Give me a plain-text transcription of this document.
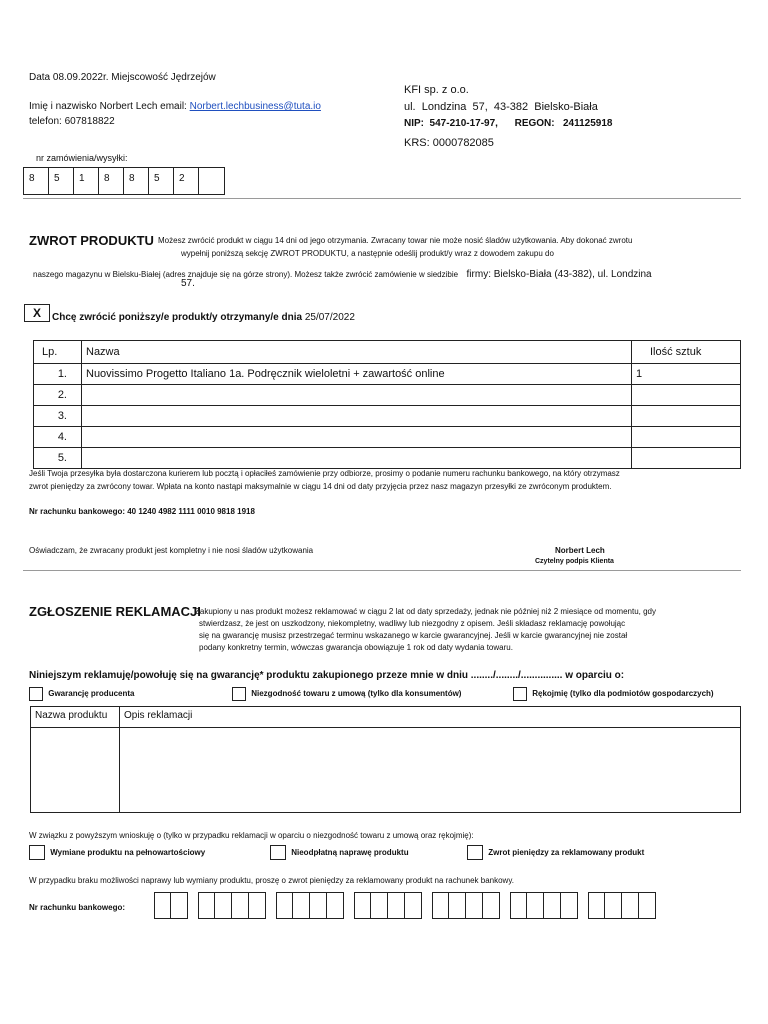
Data 08.09.2022r. Miejscowość Jędrzejów
Imię i nazwisko Norbert Lech email: Norbert.lechbusiness@tuta.io
telefon: 607818822
KFI sp. z o.o.
ul.  Londzina  57,  43-382  Bielsko-Biała
NIP:  547-210-17-97,      REGON:   241125918
KRS: 0000782085
nr zamówienia/wysyłki:
8	5	1	8	8	5	2
ZWROT PRODUKTU Możesz zwrócić produkt w ciągu 14 dni od jego otrzymania. Zwracany towar nie może nosić śladów użytkowania. Aby dokonać zwrotu
wypełnij poniższą sekcję ZWROT PRODUKTU, a następnie odeślij produkt/y wraz z dowodem zakupu do
naszego magazynu w Bielsku-Białej (adres znajduje się na górze strony). Możesz także zwrócić zamówienie w siedzibie firmy: Bielsko-Biała (43-382), ul. Londzina
57.
X	Chcę zwrócić poniższy/e produkt/y otrzymany/e dnia 25/07/2022
Lp.	Nazwa	Ilość sztuk
1.	Nuovissimo Progetto Italiano 1a. Podręcznik wieloletni + zawartość online	1
2.		
3.		
4.		
5.		
Jeśli Twoja przesyłka była dostarczona kurierem lub pocztą i opłaciłeś zamówienie przy odbiorze, prosimy o podanie numeru rachunku bankowego, na który otrzymasz
zwrot pieniędzy za zwrócony towar. Wpłata na konto nastąpi maksymalnie w ciągu 14 dni od daty przyjęcia przez nasz magazyn przesyłki ze zwróconym produktem.
Nr rachunku bankowego: 40 1240 4982 1111 0010 9818 1918
Oświadczam, że zwracany produkt jest kompletny i nie nosi śladów użytkowania	Norbert Lech
Czytelny podpis Klienta
ZGŁOSZENIE REKLAMACJI
Zakupiony u nas produkt możesz reklamować w ciągu 2 lat od daty sprzedaży, jednak nie później niż 2 miesiące od momentu, gdy
stwierdzasz, że jest on uszkodzony, niekompletny, wadliwy lub niezgodny z opisem. Jeśli składasz reklamację powołując
się na gwarancję musisz przestrzegać terminu wskazanego w karcie gwarancyjnej. Jeśli w karcie gwarancyjnej nie został
podany konkretny termin, wówczas gwarancja obowiązuje 1 rok od daty wydania towaru.
Niniejszym reklamuję/powołuję się na gwarancję* produktu zakupionego przeze mnie w dniu ......../......../............... w oparciu o:
Gwarancję producenta	Niezgodność towaru z umową (tylko dla konsumentów)	Rękojmię (tylko dla podmiotów gospodarczych)
Nazwa produktu	Opis reklamacji

W związku z powyższym wnioskuję o (tylko w przypadku reklamacji w oparciu o niezgodność towaru z umową oraz rękojmię):
Wymiane produktu na pełnowartościowy	Nieodpłatną naprawę produktu	Zwrot pieniędzy za reklamowany produkt
W przypadku braku możliwości naprawy lub wymiany produktu, proszę o zwrot pieniędzy za reklamowany produkt na rachunek bankowy.
Nr rachunku bankowego:
